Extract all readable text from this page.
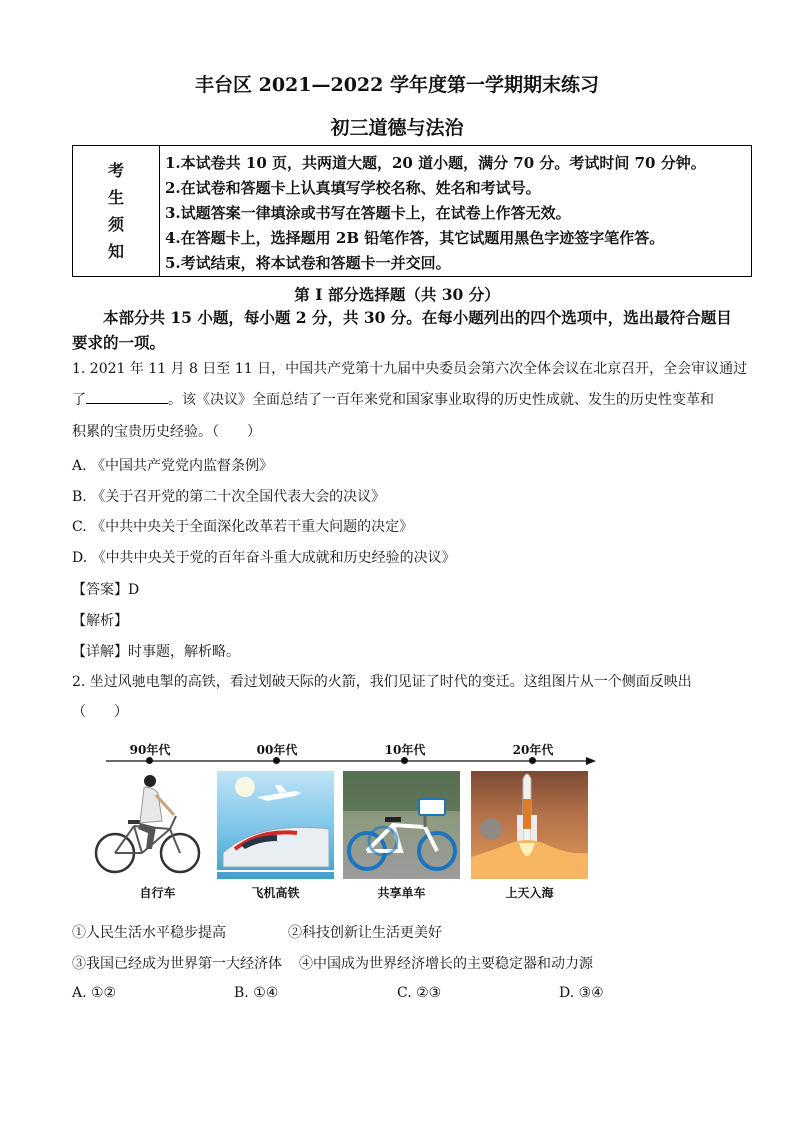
丰台区 2021—2022 学年度第一学期期末练习
初三道德与法治
考
生
须
知
1.本试卷共 10 页，共两道大题，20 道小题，满分 70 分。考试时间 70 分钟。
2.在试卷和答题卡上认真填写学校名称、姓名和考试号。
3.试题答案一律填涂或书写在答题卡上，在试卷上作答无效。
4.在答题卡上，选择题用 2B 铅笔作答，其它试题用黑色字迹签字笔作答。
5.考试结束，将本试卷和答题卡一并交回。
第 I 部分选择题（共 30 分）
本部分共 15 小题，每小题 2 分，共 30 分。在每小题列出的四个选项中，选出最符合题目要求的一项。
1. 2021 年 11 月 8 日至 11 日，中国共产党第十九届中央委员会第六次全体会议在北京召开，全会审议通过
了	。该《决议》全面总结了一百年来党和国家事业取得的历史性成就、发生的历史性变革和
积累的宝贵历史经验。（　　）
A. 《中国共产党党内监督条例》
B. 《关于召开党的第二十次全国代表大会的决议》
C. 《中共中央关于全面深化改革若干重大问题的决定》
D. 《中共中央关于党的百年奋斗重大成就和历史经验的决议》
【答案】D
【解析】
【详解】时事题，解析略。
2. 坐过风驰电掣的高铁，看过划破天际的火箭，我们见证了时代的变迁。这组图片从一个侧面反映出
（　　）
90年代	00年代	10年代	20年代
自行车	飞机高铁	共享单车	上天入海
①人民生活水平稳步提高	②科技创新让生活更美好
③我国已经成为世界第一大经济体 ④中国成为世界经济增长的主要稳定器和动力源
A. ①②	B. ①④	C. ②③	D. ③④
